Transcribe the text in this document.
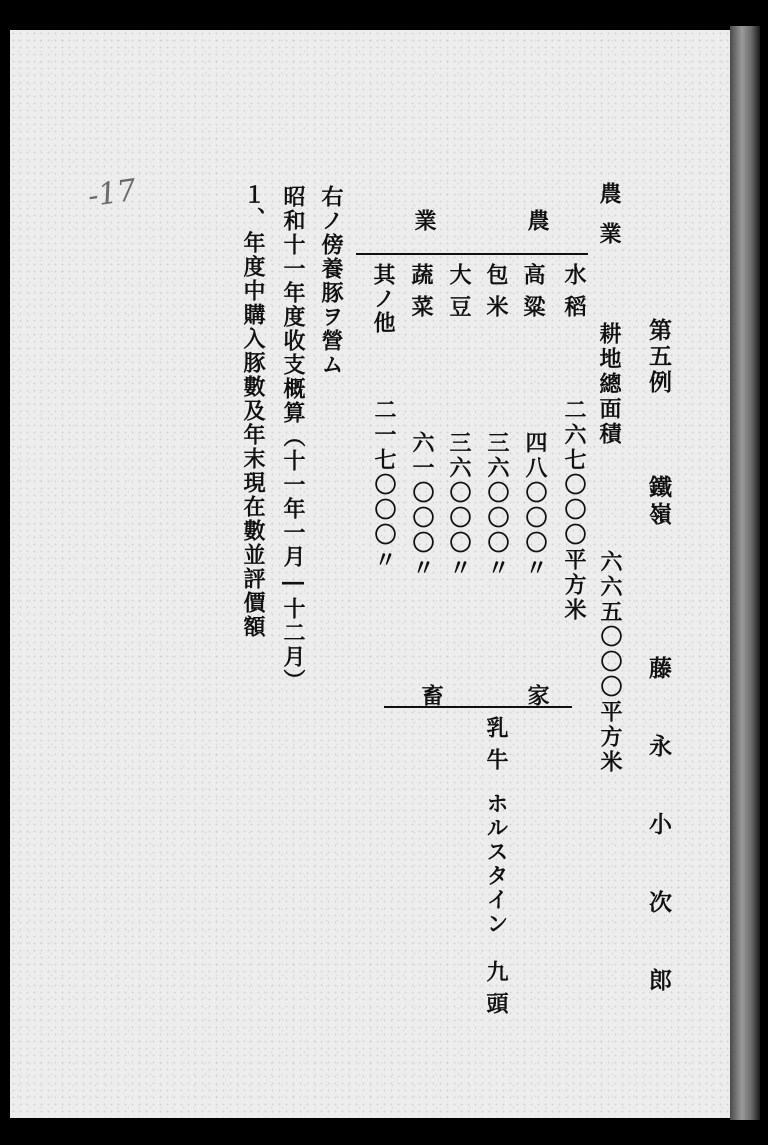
-17
第五例
鐵嶺
藤永小次郎
農業
耕地總面積
六六五〇〇〇平方米
農
業
水稻
二六七〇〇〇平方米
高粱
四八〇〇〇〃
包米
三六〇〇〇〃
大豆
三六〇〇〇〃
蔬菜
六一〇〇〇〃
其ノ他
二一七〇〇〇〃
家
畜
乳牛
ホルスタイン
九頭
右ノ傍養豚ヲ營ム
昭和十一年度收支概算（十一年一月―十二月）
１、年度中購入豚數及年末現在數並評價額
